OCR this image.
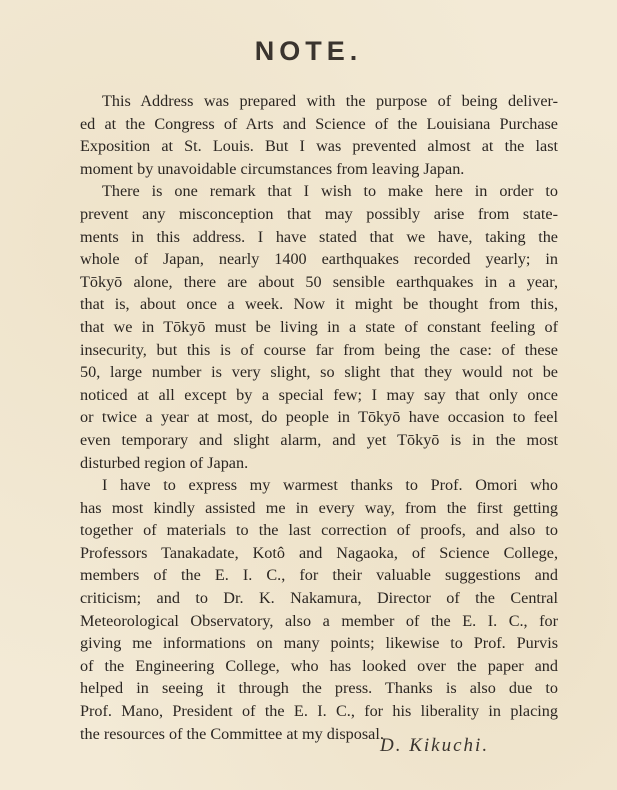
NOTE.

This Address was prepared with the purpose of being deliver-
ed at the Congress of Arts and Science of the Louisiana Purchase
Exposition at St. Louis. But I was prevented almost at the last
moment by unavoidable circumstances from leaving Japan.

There is one remark that I wish to make here in order to
prevent any misconception that may possibly arise from state-
ments in this address. I have stated that we have, taking the
whole of Japan, nearly 1400 earthquakes recorded yearly; in
Tōkyō alone, there are about 50 sensible earthquakes in a year,
that is, about once a week. Now it might be thought from this,
that we in Tōkyō must be living in a state of constant feeling of
insecurity, but this is of course far from being the case: of these
50, large number is very slight, so slight that they would not be
noticed at all except by a special few; I may say that only once
or twice a year at most, do people in Tōkyō have occasion to feel
even temporary and slight alarm, and yet Tōkyō is in the most
disturbed region of Japan.

I have to express my warmest thanks to Prof. Omori who
has most kindly assisted me in every way, from the first getting
together of materials to the last correction of proofs, and also to
Professors Tanakadate, Kotô and Nagaoka, of Science College,
members of the E. I. C., for their valuable suggestions and
criticism; and to Dr. K. Nakamura, Director of the Central
Meteorological Observatory, also a member of the E. I. C., for
giving me informations on many points; likewise to Prof. Purvis
of the Engineering College, who has looked over the paper and
helped in seeing it through the press. Thanks is also due to
Prof. Mano, President of the E. I. C., for his liberality in placing
the resources of the Committee at my disposal.

D. Kikuchi.
